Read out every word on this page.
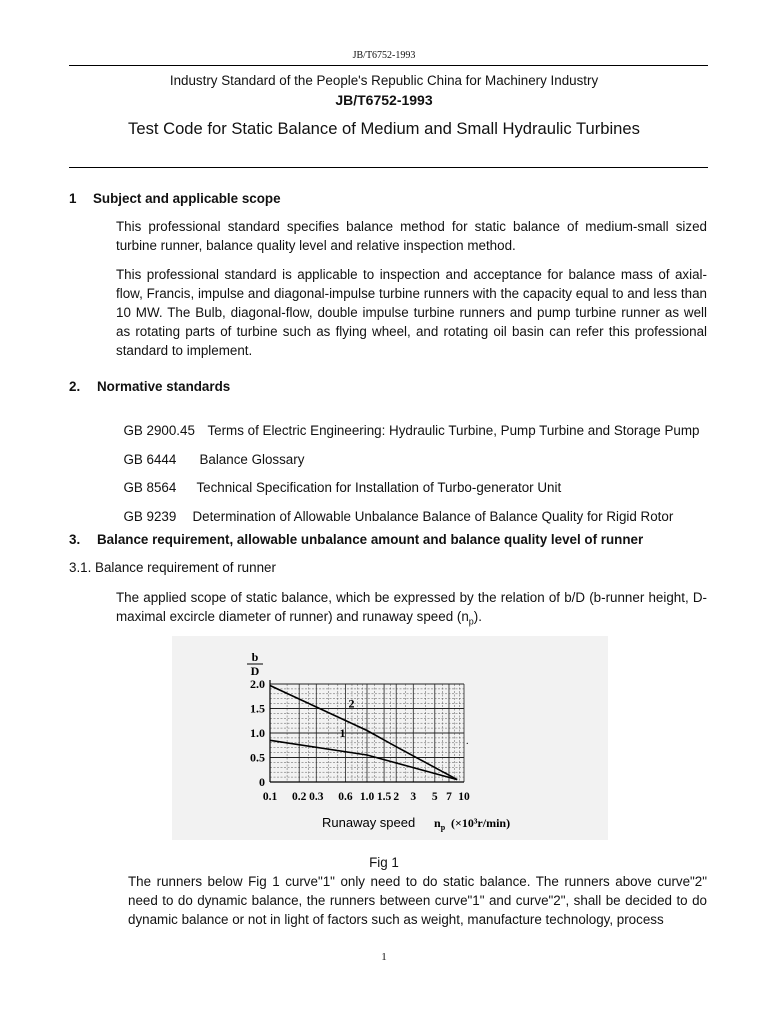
JB/T6752-1993
Industry Standard of the People's Republic China for Machinery Industry
JB/T6752-1993
Test Code for Static Balance of Medium and Small Hydraulic Turbines
1 Subject and applicable scope
This professional standard specifies balance method for static balance of medium-small sized turbine runner, balance quality level and relative inspection method.
This professional standard is applicable to inspection and acceptance for balance mass of axial-flow, Francis, impulse and diagonal-impulse turbine runners with the capacity equal to and less than 10 MW. The Bulb, diagonal-flow, double impulse turbine runners and pump turbine runner as well as rotating parts of turbine such as flying wheel, and rotating oil basin can refer this professional standard to implement.
2. Normative standards

GB 2900.45 Terms of Electric Engineering: Hydraulic Turbine, Pump Turbine and Storage Pump

GB 6444 Balance Glossary

GB 8564 Technical Specification for Installation of Turbo-generator Unit

GB 9239 Determination of Allowable Unbalance Balance of Balance Quality for Rigid Rotor

3. Balance requirement, allowable unbalance amount and balance quality level of runner
3.1. Balance requirement of runner
The applied scope of static balance, which be expressed by the relation of b/D (b-runner height, D-maximal excircle diameter of runner) and runaway speed $(n_p)$.
.
0
0.5
1.0
1.5
2.0
0.1 0.2 0.3 0.6 1.0 1.5 2 3 5 7 10
b
D
1
2
Runaway speed $n_p$ (×10³r/min)
Fig 1
The runners below Fig 1 curve"1" only need to do static balance. The runners above curve"2" need to do dynamic balance, the runners between curve"1" and curve"2", shall be decided to do dynamic balance or not in light of factors such as weight, manufacture technology, process
1
